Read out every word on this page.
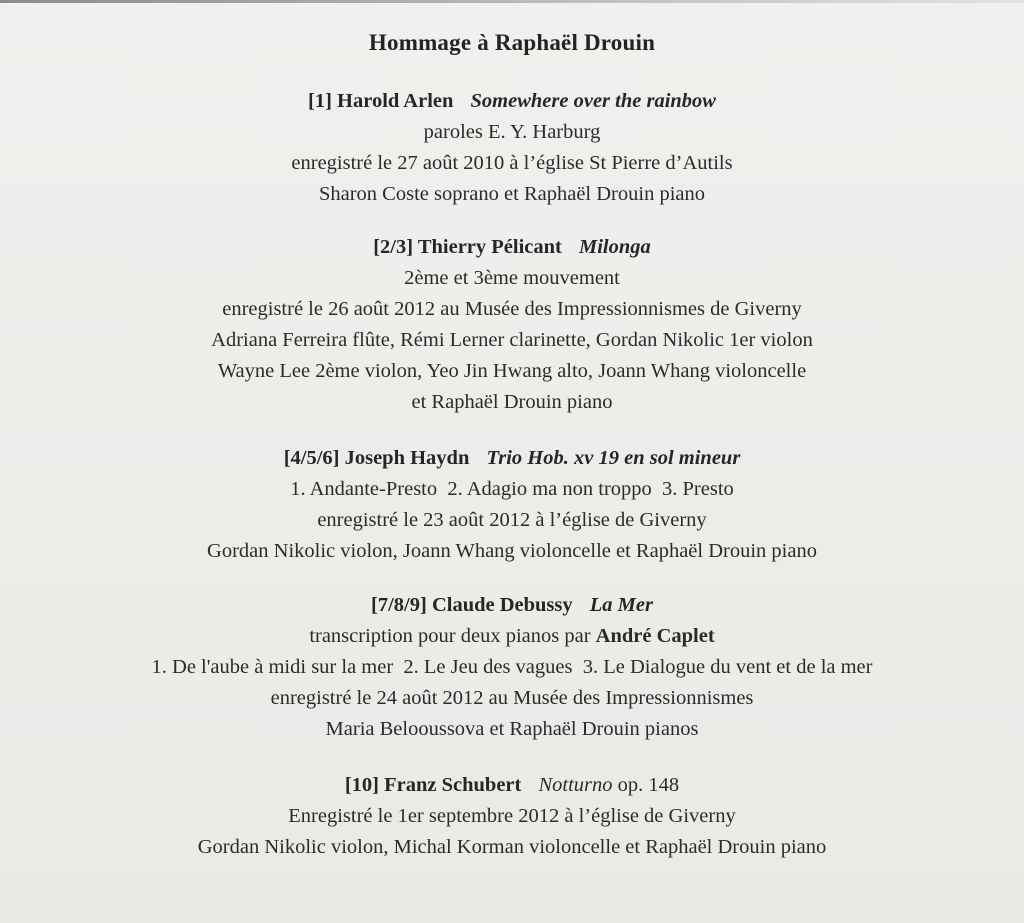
Hommage à Raphaël Drouin
[1] Harold Arlen Somewhere over the rainbow
paroles E. Y. Harburg
enregistré le 27 août 2010 à l’église St Pierre d’Autils
Sharon Coste soprano et Raphaël Drouin piano
[2/3] Thierry Pélicant Milonga
2ème et 3ème mouvement
enregistré le 26 août 2012 au Musée des Impressionnismes de Giverny
Adriana Ferreira flûte, Rémi Lerner clarinette, Gordan Nikolic 1er violon
Wayne Lee 2ème violon, Yeo Jin Hwang alto, Joann Whang violoncelle
et Raphaël Drouin piano
[4/5/6] Joseph Haydn Trio Hob. xv 19 en sol mineur
1. Andante-Presto  2. Adagio ma non troppo  3. Presto
enregistré le 23 août 2012 à l’église de Giverny
Gordan Nikolic violon, Joann Whang violoncelle et Raphaël Drouin piano
[7/8/9] Claude Debussy La Mer
transcription pour deux pianos par André Caplet
1. De l'aube à midi sur la mer  2. Le Jeu des vagues  3. Le Dialogue du vent et de la mer
enregistré le 24 août 2012 au Musée des Impressionnismes
Maria Belooussova et Raphaël Drouin pianos
[10] Franz Schubert Notturno op. 148
Enregistré le 1er septembre 2012 à l’église de Giverny
Gordan Nikolic violon, Michal Korman violoncelle et Raphaël Drouin piano
